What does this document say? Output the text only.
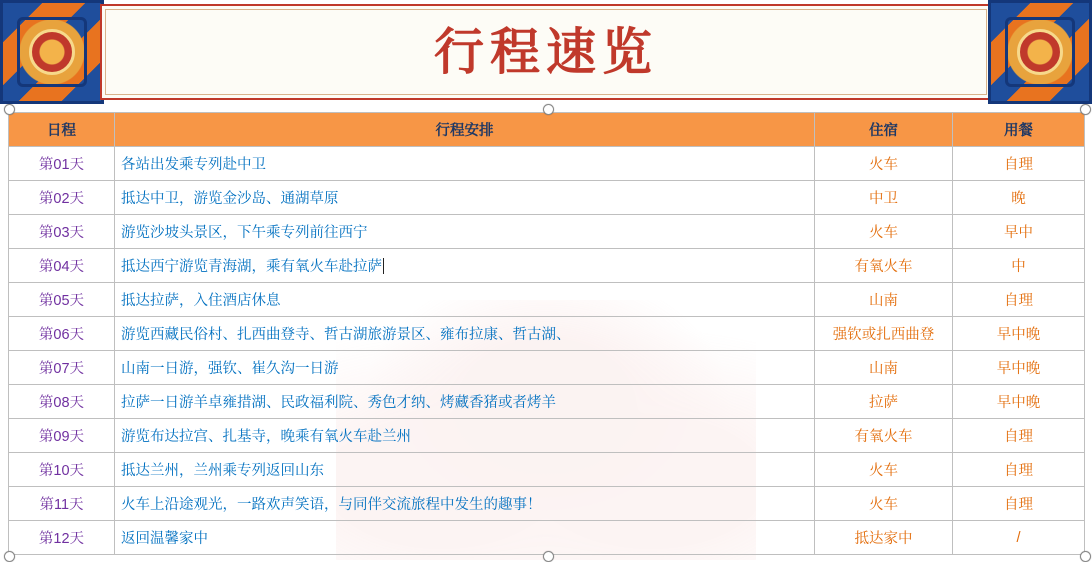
行程速览
日程	行程安排	住宿	用餐
第01天	各站出发乘专列赴中卫	火车	自理
第02天	抵达中卫，游览金沙岛、通湖草原	中卫	晚
第03天	游览沙坡头景区，下午乘专列前往西宁	火车	早中
第04天	抵达西宁游览青海湖，乘有氧火车赴拉萨	有氧火车	中
第05天	抵达拉萨，入住酒店休息	山南	自理
第06天	游览西藏民俗村、扎西曲登寺、哲古湖旅游景区、雍布拉康、哲古湖、	强钦或扎西曲登	早中晚
第07天	山南一日游，强钦、崔久沟一日游	山南	早中晚
第08天	拉萨一日游羊卓雍措湖、民政福利院、秀色才纳、烤藏香猪或者烤羊	拉萨	早中晚
第09天	游览布达拉宫、扎基寺，晚乘有氧火车赴兰州	有氧火车	自理
第10天	抵达兰州，兰州乘专列返回山东	火车	自理
第11天	火车上沿途观光，一路欢声笑语，与同伴交流旅程中发生的趣事！	火车	自理
第12天	返回温馨家中	抵达家中	/
